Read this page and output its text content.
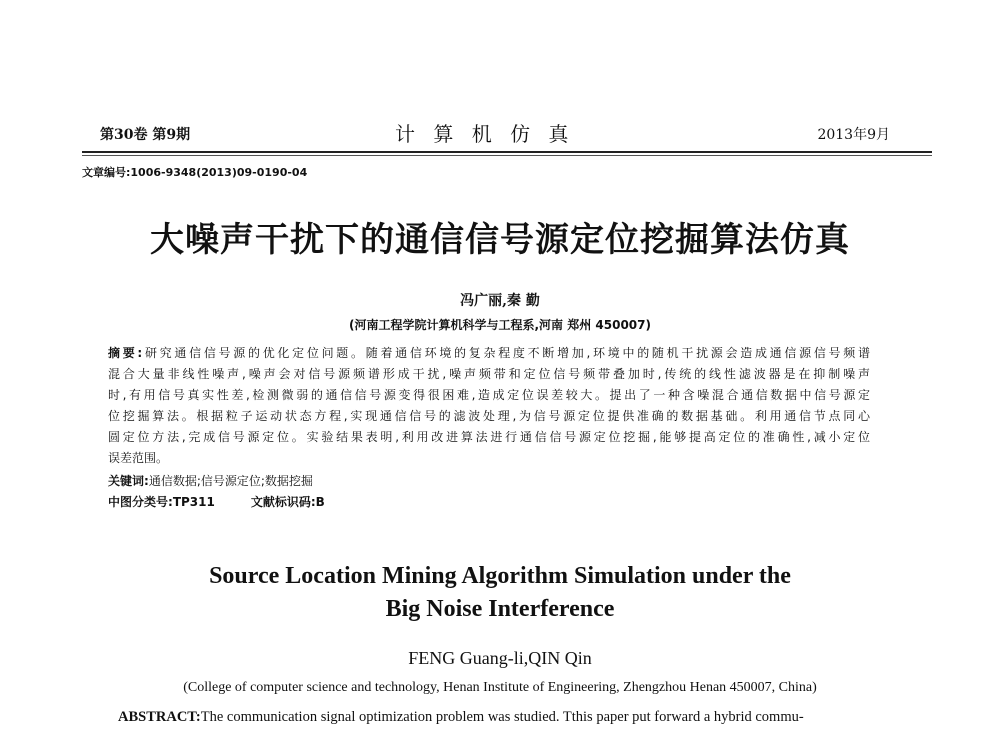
第30卷 第9期	计 算 机 仿 真	2013年9月
文章编号:1006-9348(2013)09-0190-04
大噪声干扰下的通信信号源定位挖掘算法仿真
冯广丽,秦 勤
(河南工程学院计算机科学与工程系,河南 郑州 450007)
摘要:研究通信信号源的优化定位问题。随着通信环境的复杂程度不断增加,环境中的随机干扰源会造成通信源信号频谱
混合大量非线性噪声,噪声会对信号源频谱形成干扰,噪声频带和定位信号频带叠加时,传统的线性滤波器是在抑制噪声
时,有用信号真实性差,检测微弱的通信信号源变得很困难,造成定位误差较大。提出了一种含噪混合通信数据中信号源定
位挖掘算法。根据粒子运动状态方程,实现通信信号的滤波处理,为信号源定位提供准确的数据基础。利用通信节点同心
圆定位方法,完成信号源定位。实验结果表明,利用改进算法进行通信信号源定位挖掘,能够提高定位的准确性,减小定位
误差范围。
关键词:通信数据;信号源定位;数据挖掘
中图分类号:TP311	文献标识码:B
Source Location Mining Algorithm Simulation under the
Big Noise Interference
FENG Guang-li,QIN Qin
(College of computer science and technology, Henan Institute of Engineering, Zhengzhou Henan 450007, China)
ABSTRACT:The communication signal optimization problem was studied. Tthis paper put forward a hybrid commu-
